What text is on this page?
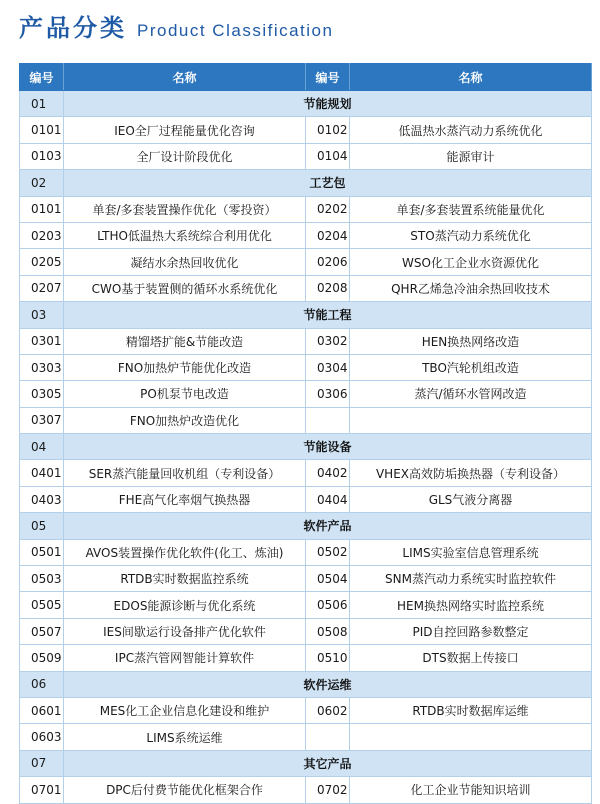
产品分类 Product Classification
编号	名称	编号	名称
01	节能规划		
0101	IEO全厂过程能量优化咨询	0102	低温热水蒸汽动力系统优化
0103	全厂设计阶段优化	0104	能源审计
02	工艺包		
0101	单套/多套装置操作优化（零投资）	0202	单套/多套装置系统能量优化
0203	LTHO低温热大系统综合利用优化	0204	STO蒸汽动力系统优化
0205	凝结水余热回收优化	0206	WSO化工企业水资源优化
0207	CWO基于装置侧的循环水系统优化	0208	QHR乙烯急冷油余热回收技术
03	节能工程		
0301	精馏塔扩能&节能改造	0302	HEN换热网络改造
0303	FNO加热炉节能优化改造	0304	TBO汽轮机组改造
0305	PO机泵节电改造	0306	蒸汽/循环水管网改造
0307	FNO加热炉改造优化		
04	节能设备		
0401	SER蒸汽能量回收机组（专利设备）	0402	VHEX高效防垢换热器（专利设备）
0403	FHE高气化率烟气换热器	0404	GLS气液分离器
05	软件产品		
0501	AVOS装置操作优化软件(化工、炼油)	0502	LIMS实验室信息管理系统
0503	RTDB实时数据监控系统	0504	SNM蒸汽动力系统实时监控软件
0505	EDOS能源诊断与优化系统	0506	HEM换热网络实时监控系统
0507	IES间歇运行设备排产优化软件	0508	PID自控回路参数整定
0509	IPC蒸汽管网智能计算软件	0510	DTS数据上传接口
06	软件运维		
0601	MES化工企业信息化建设和维护	0602	RTDB实时数据库运维
0603	LIMS系统运维		
07	其它产品		
0701	DPC后付费节能优化框架合作	0702	化工企业节能知识培训
